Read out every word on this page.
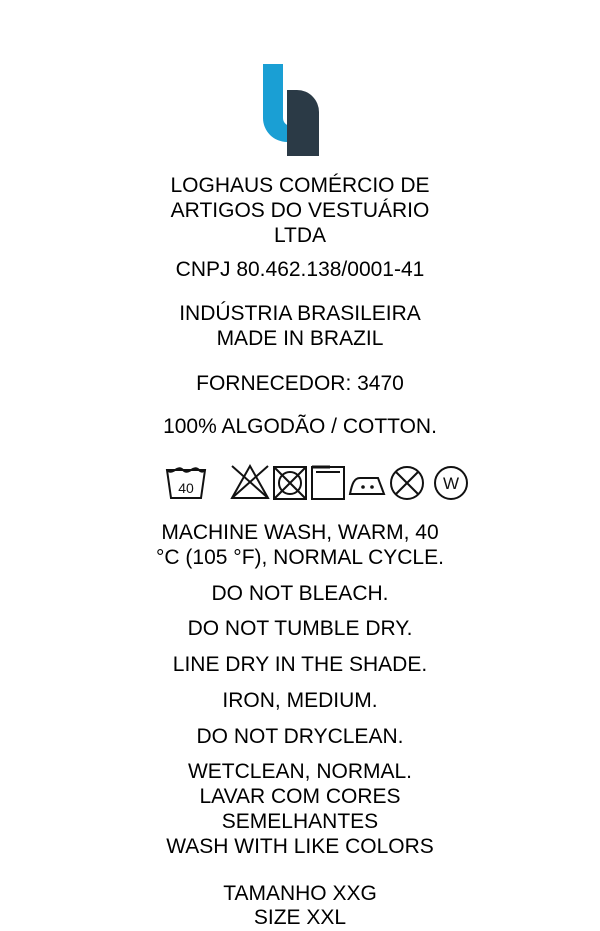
LOGHAUS COMÉRCIO DE ARTIGOS DO VESTUÁRIO LTDA
CNPJ 80.462.138/0001-41
INDÚSTRIA BRASILEIRA
MADE IN BRAZIL
FORNECEDOR: 3470
100% ALGODÃO / COTTON.
40	W
MACHINE WASH, WARM, 40
°C (105 °F), NORMAL CYCLE.
DO NOT BLEACH.
DO NOT TUMBLE DRY.
LINE DRY IN THE SHADE.
IRON, MEDIUM.
DO NOT DRYCLEAN.
WETCLEAN, NORMAL.
LAVAR COM CORES
SEMELHANTES
WASH WITH LIKE COLORS
TAMANHO XXG
SIZE XXL
